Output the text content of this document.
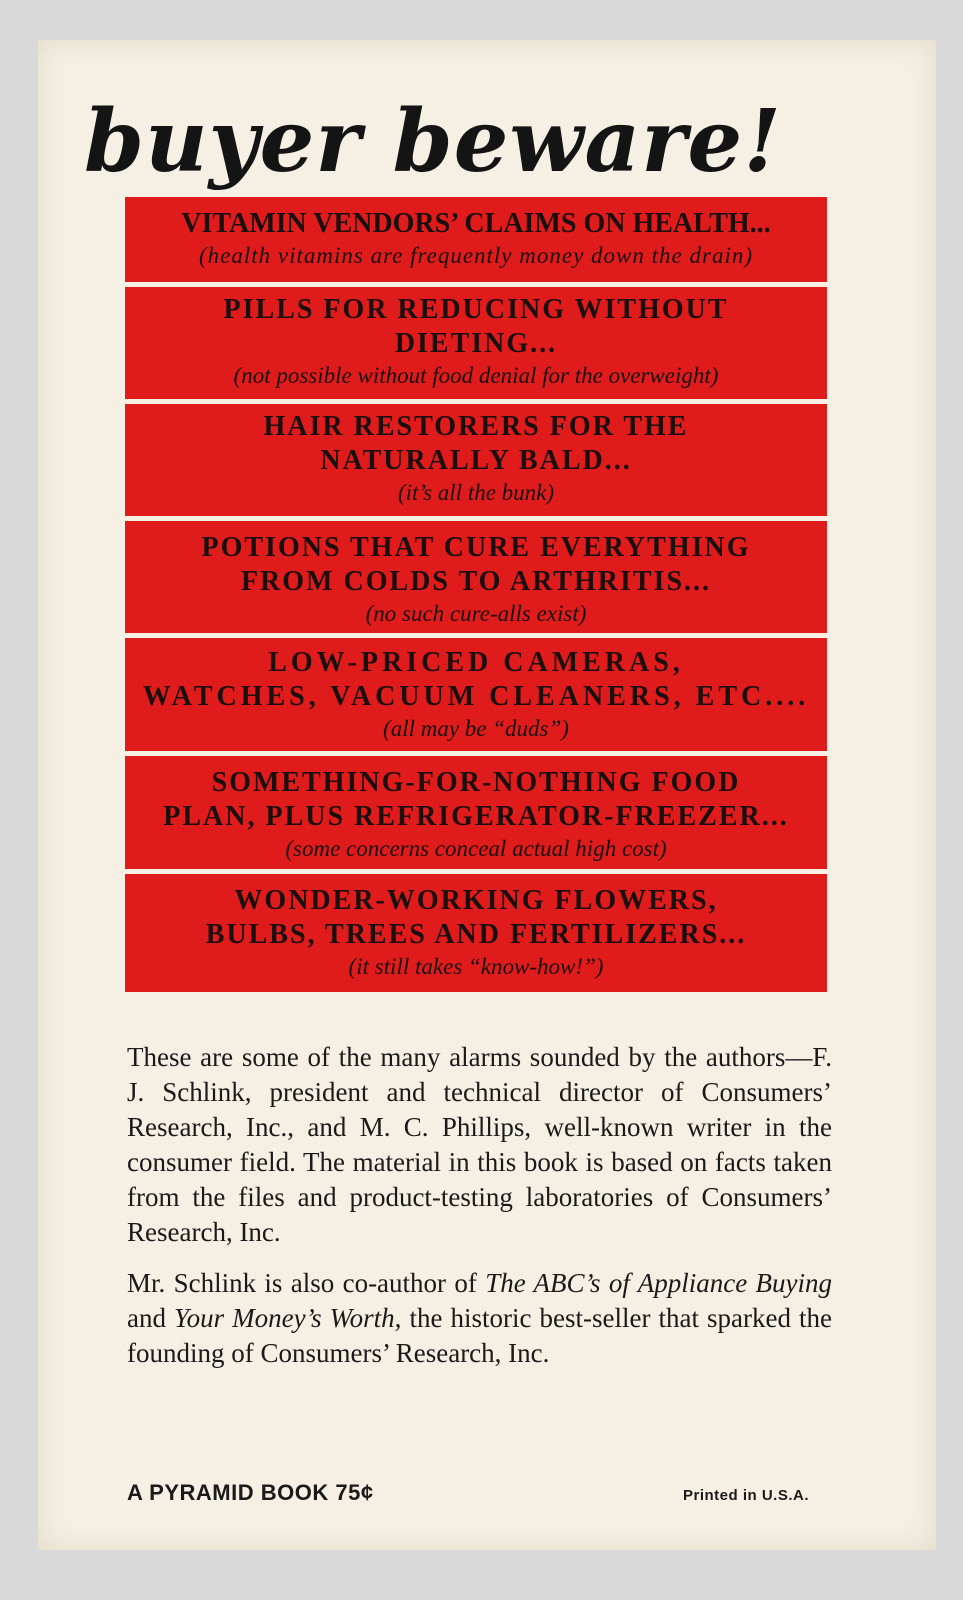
buyer beware!
VITAMIN VENDORS’ CLAIMS ON HEALTH...
(health vitamins are frequently money down the drain)
PILLS FOR REDUCING WITHOUT
DIETING...
(not possible without food denial for the overweight)
HAIR RESTORERS FOR THE
NATURALLY BALD...
(it’s all the bunk)
POTIONS THAT CURE EVERYTHING
FROM COLDS TO ARTHRITIS...
(no such cure-alls exist)
LOW-PRICED CAMERAS,
WATCHES, VACUUM CLEANERS, ETC....
(all may be “duds”)
SOMETHING-FOR-NOTHING FOOD
PLAN, PLUS REFRIGERATOR-FREEZER...
(some concerns conceal actual high cost)
WONDER-WORKING FLOWERS,
BULBS, TREES AND FERTILIZERS...
(it still takes “know-how!”)

These are some of the many alarms sounded by the authors—F. J. Schlink, president and technical director of Consumers’ Research, Inc., and M. C. Phillips, well-known writer in the consumer field. The material in this book is based on facts taken from the files and product-testing laboratories of Consumers’ Research, Inc.

Mr. Schlink is also co-author of The ABC’s of Appliance Buying and Your Money’s Worth, the historic best-seller that sparked the founding of Consumers’ Research, Inc.

A PYRAMID BOOK 75¢	Printed in U.S.A.
